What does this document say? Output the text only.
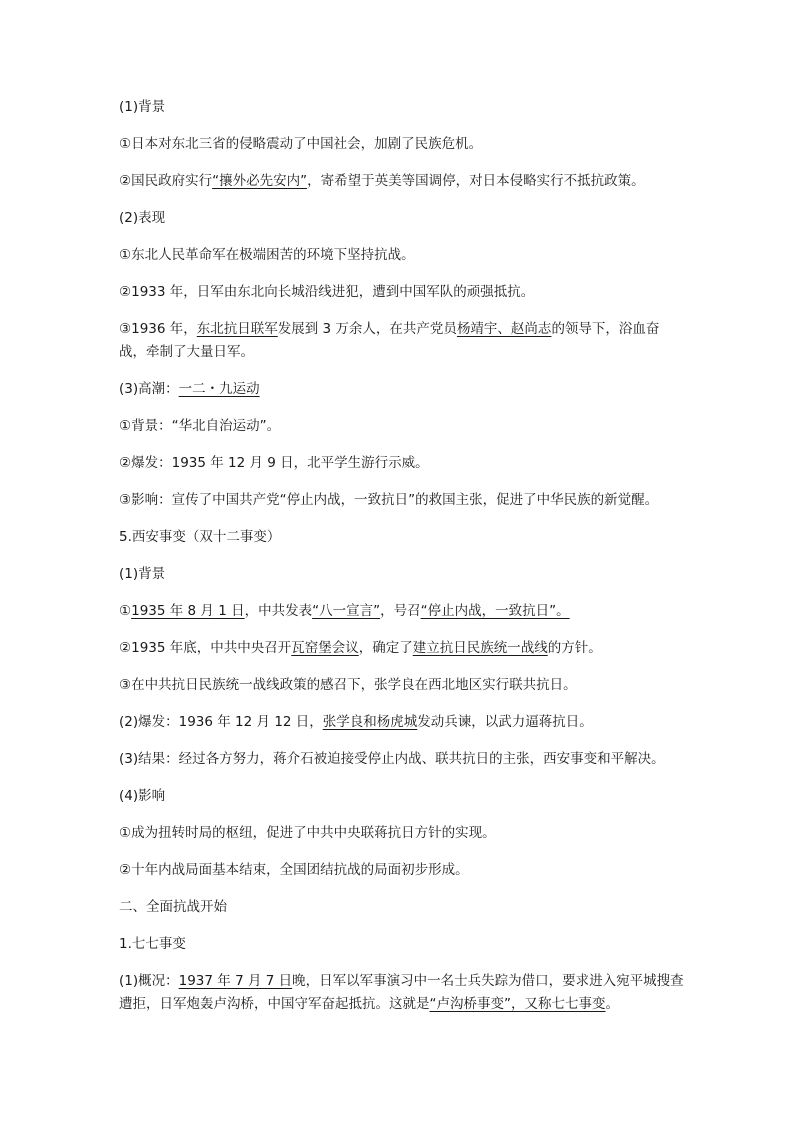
(1)背景

①日本对东北三省的侵略震动了中国社会，加剧了民族危机。

②国民政府实行“攘外必先安内”，寄希望于英美等国调停，对日本侵略实行不抵抗政策。

(2)表现

①东北人民革命军在极端困苦的环境下坚持抗战。

②1933 年，日军由东北向长城沿线进犯，遭到中国军队的顽强抵抗。

③1936 年，东北抗日联军发展到 3 万余人，在共产党员杨靖宇、赵尚志的领导下，浴血奋战，牵制了大量日军。

(3)高潮：一二・九运动

①背景：“华北自治运动”。

②爆发：1935 年 12 月 9 日，北平学生游行示威。

③影响：宣传了中国共产党“停止内战，一致抗日”的救国主张，促进了中华民族的新觉醒。

5.西安事变（双十二事变）

(1)背景

①1935 年 8 月 1 日，中共发表“八一宣言”，号召“停止内战，一致抗日”。

②1935 年底，中共中央召开瓦窑堡会议，确定了建立抗日民族统一战线的方针。

③在中共抗日民族统一战线政策的感召下，张学良在西北地区实行联共抗日。

(2)爆发：1936 年 12 月 12 日，张学良和杨虎城发动兵谏，以武力逼蒋抗日。

(3)结果：经过各方努力，蒋介石被迫接受停止内战、联共抗日的主张，西安事变和平解决。

(4)影响

①成为扭转时局的枢纽，促进了中共中央联蒋抗日方针的实现。

②十年内战局面基本结束，全国团结抗战的局面初步形成。

二、全面抗战开始

1.七七事变

(1)概况：1937 年 7 月 7 日晚，日军以军事演习中一名士兵失踪为借口，要求进入宛平城搜查遭拒，日军炮轰卢沟桥，中国守军奋起抵抗。这就是“卢沟桥事变”，又称七七事变。
